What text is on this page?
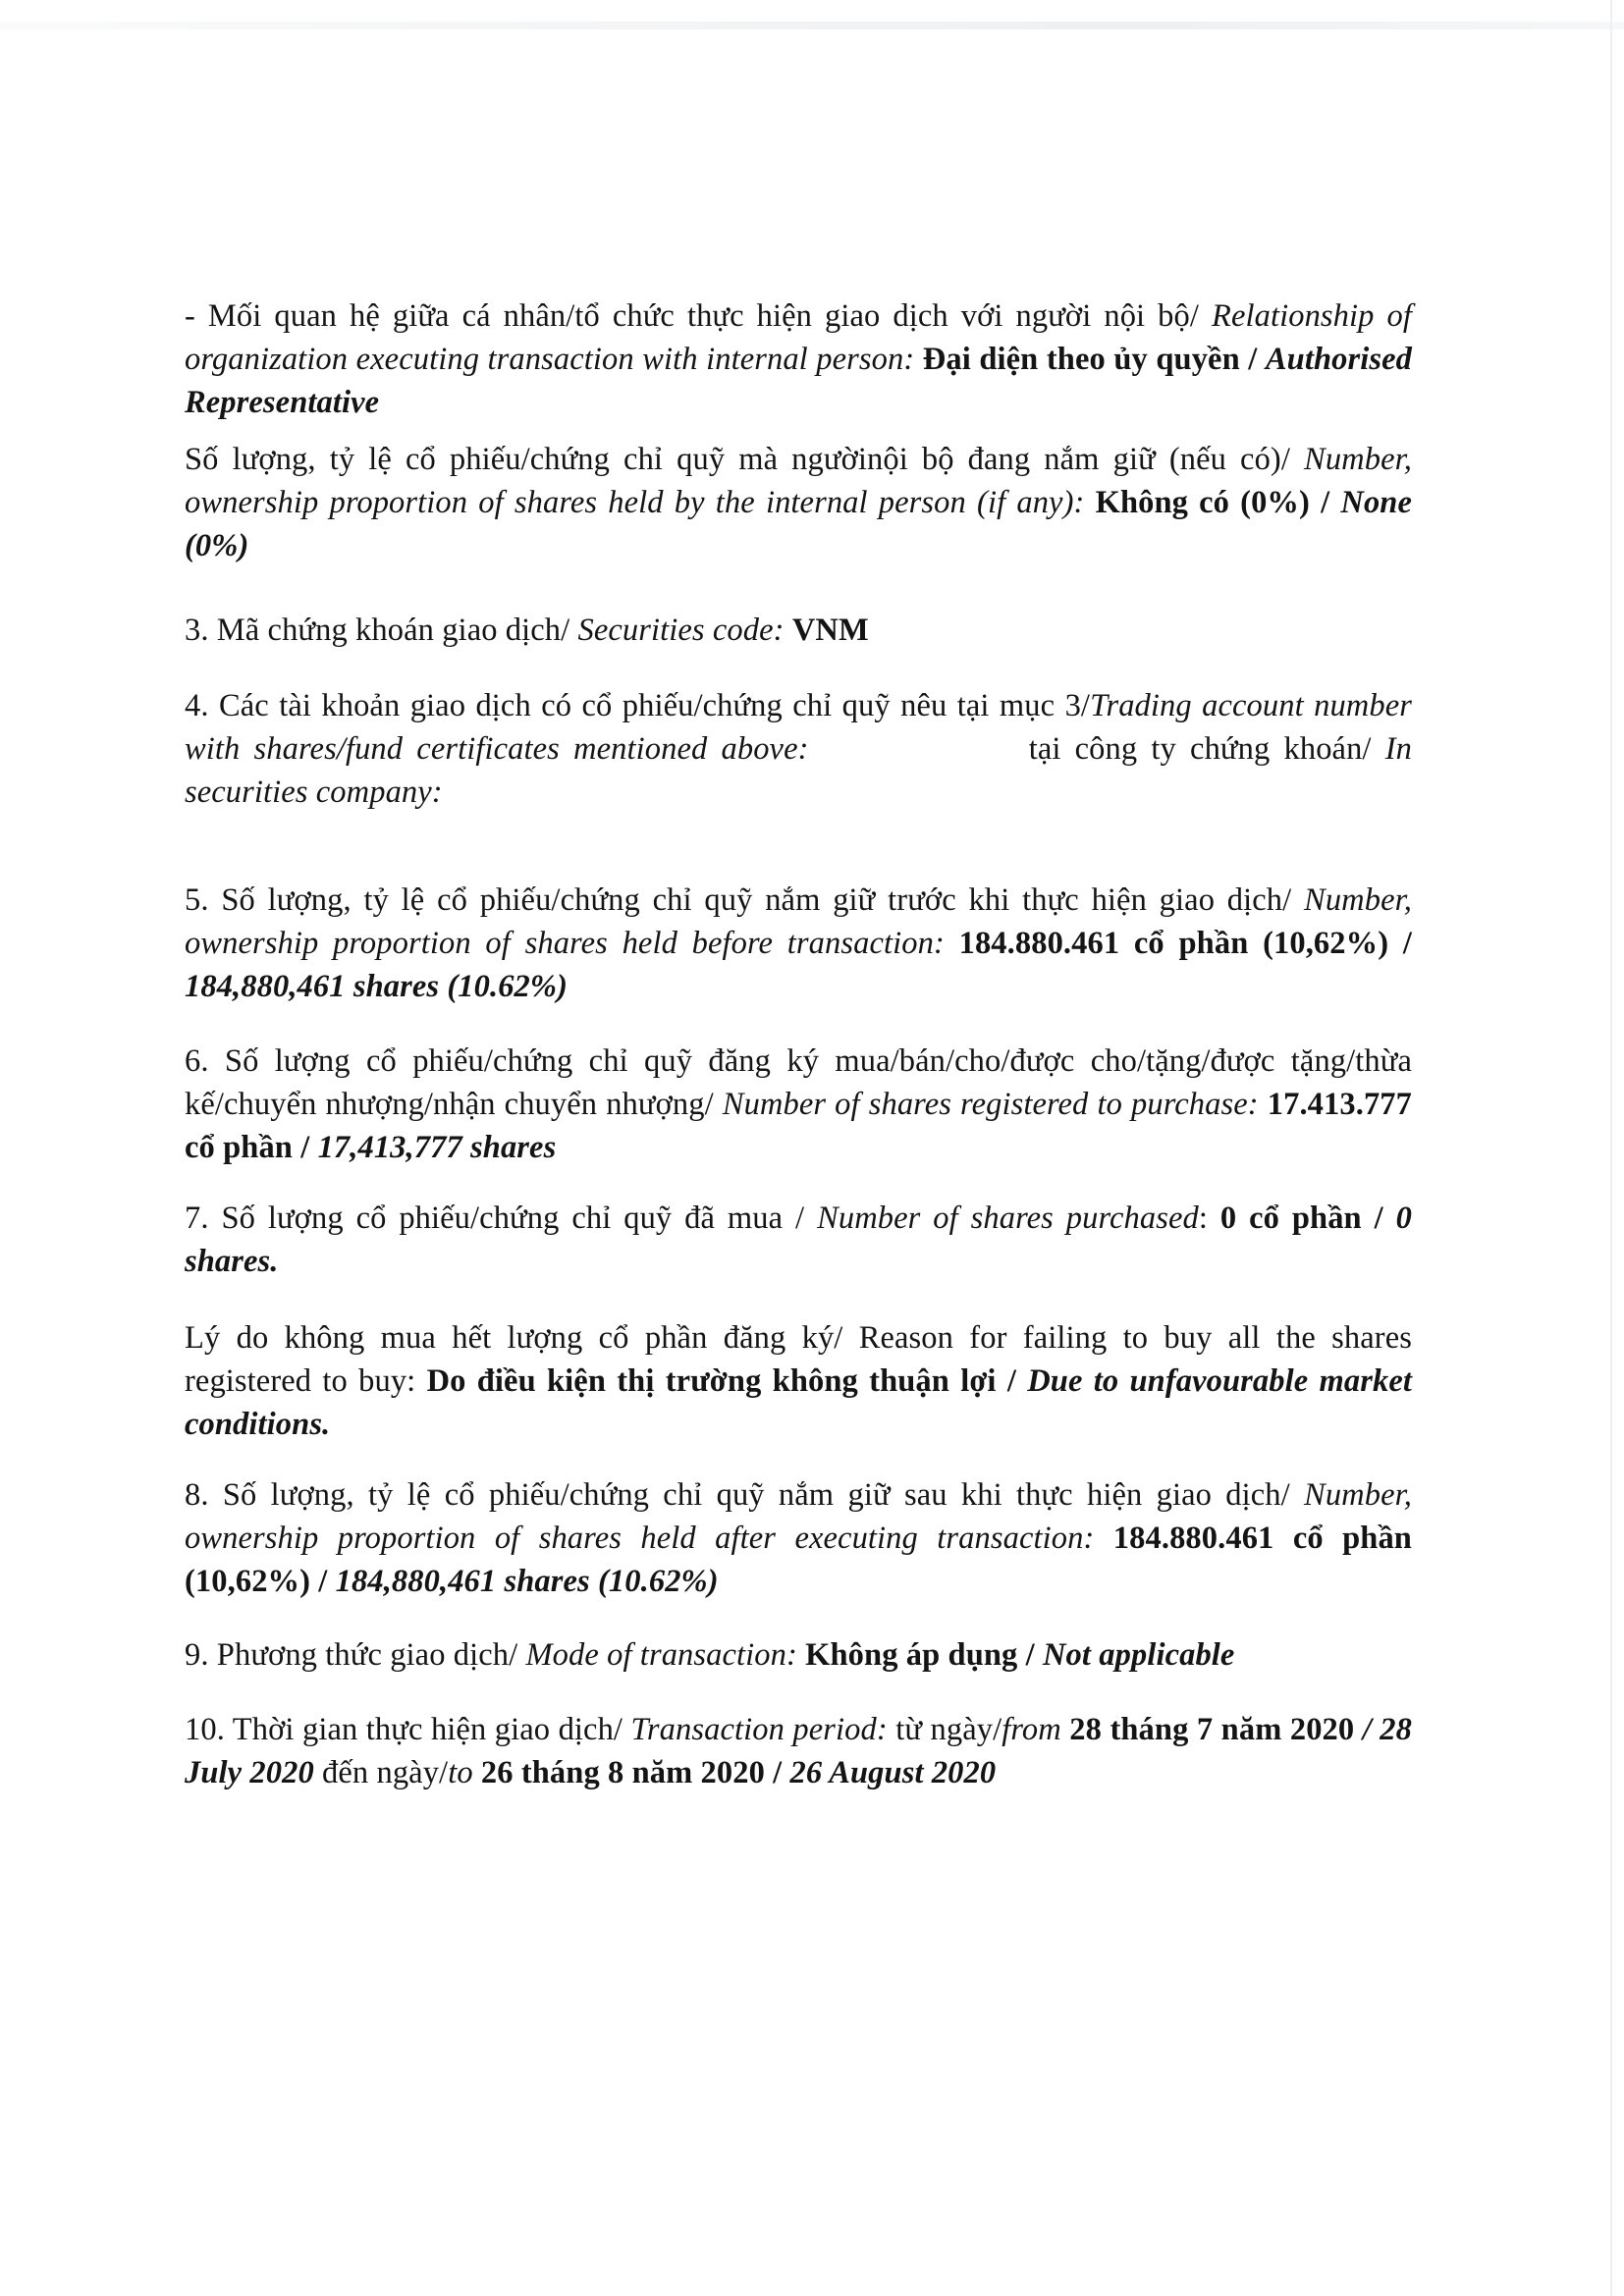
- Mối quan hệ giữa cá nhân/tổ chức thực hiện giao dịch với người nội bộ/ Relationship of organization executing transaction with internal person: Đại diện theo ủy quyền / Authorised Representative

Số lượng, tỷ lệ cổ phiếu/chứng chỉ quỹ mà ngườinội bộ đang nắm giữ (nếu có)/ Number, ownership proportion of shares held by the internal person (if any): Không có (0%) / None (0%)

3. Mã chứng khoán giao dịch/ Securities code: VNM

4. Các tài khoản giao dịch có cổ phiếu/chứng chỉ quỹ nêu tại mục 3/Trading account number with shares/fund certificates mentioned above:	tại công ty chứng khoán/ In securities company:

5. Số lượng, tỷ lệ cổ phiếu/chứng chỉ quỹ nắm giữ trước khi thực hiện giao dịch/ Number, ownership proportion of shares held before transaction: 184.880.461 cổ phần (10,62%) / 184,880,461 shares (10.62%)

6. Số lượng cổ phiếu/chứng chỉ quỹ đăng ký mua/bán/cho/được cho/tặng/được tặng/thừa kế/chuyển nhượng/nhận chuyển nhượng/ Number of shares registered to purchase: 17.413.777 cổ phần / 17,413,777 shares

7. Số lượng cổ phiếu/chứng chỉ quỹ đã mua / Number of shares purchased: 0 cổ phần / 0 shares.

Lý do không mua hết lượng cổ phần đăng ký/ Reason for failing to buy all the shares registered to buy: Do điều kiện thị trường không thuận lợi / Due to unfavourable market conditions.

8. Số lượng, tỷ lệ cổ phiếu/chứng chỉ quỹ nắm giữ sau khi thực hiện giao dịch/ Number, ownership proportion of shares held after executing transaction: 184.880.461 cổ phần (10,62%) / 184,880,461 shares (10.62%)

9. Phương thức giao dịch/ Mode of transaction: Không áp dụng / Not applicable

10. Thời gian thực hiện giao dịch/ Transaction period: từ ngày/from 28 tháng 7 năm 2020 / 28 July 2020 đến ngày/to 26 tháng 8 năm 2020 / 26 August 2020
